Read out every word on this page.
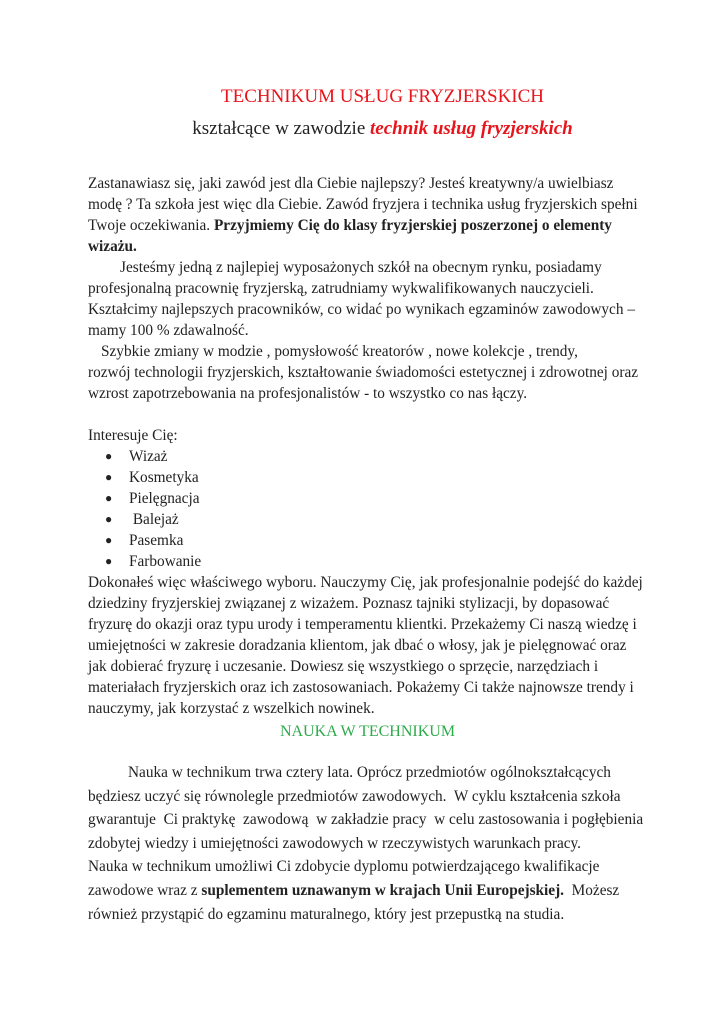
TECHNIKUM USŁUG FRYZJERSKICH
kształcące w zawodzie technik usług fryzjerskich
Zastanawiasz się, jaki zawód jest dla Ciebie najlepszy? Jesteś kreatywny/a uwielbiasz
modę ? Ta szkoła jest więc dla Ciebie. Zawód fryzjera i technika usług fryzjerskich spełni
Twoje oczekiwania. Przyjmiemy Cię do klasy fryzjerskiej poszerzonej o elementy
wizażu.
Jesteśmy jedną z najlepiej wyposażonych szkół na obecnym rynku, posiadamy
profesjonalną pracownię fryzjerską, zatrudniamy wykwalifikowanych nauczycieli.
Kształcimy najlepszych pracowników, co widać po wynikach egzaminów zawodowych –
mamy 100 % zdawalność.
Szybkie zmiany w modzie , pomysłowość kreatorów , nowe kolekcje , trendy,
rozwój technologii fryzjerskich, kształtowanie świadomości estetycznej i zdrowotnej oraz
wzrost zapotrzebowania na profesjonalistów - to wszystko co nas łączy.
Interesuje Cię:
● Wizaż
● Kosmetyka
● Pielęgnacja
● Balejaż
● Pasemka
● Farbowanie
Dokonałeś więc właściwego wyboru. Nauczymy Cię, jak profesjonalnie podejść do każdej
dziedziny fryzjerskiej związanej z wizażem. Poznasz tajniki stylizacji, by dopasować
fryzurę do okazji oraz typu urody i temperamentu klientki. Przekażemy Ci naszą wiedzę i
umiejętności w zakresie doradzania klientom, jak dbać o włosy, jak je pielęgnować oraz
jak dobierać fryzurę i uczesanie. Dowiesz się wszystkiego o sprzęcie, narzędziach i
materiałach fryzjerskich oraz ich zastosowaniach. Pokażemy Ci także najnowsze trendy i
nauczymy, jak korzystać z wszelkich nowinek.
NAUKA W TECHNIKUM
Nauka w technikum trwa cztery lata. Oprócz przedmiotów ogólnokształcących
będziesz uczyć się równolegle przedmiotów zawodowych.  W cyklu kształcenia szkoła
gwarantuje  Ci praktykę  zawodową  w zakładzie pracy  w celu zastosowania i pogłębienia
zdobytej wiedzy i umiejętności zawodowych w rzeczywistych warunkach pracy.
Nauka w technikum umożliwi Ci zdobycie dyplomu potwierdzającego kwalifikacje
zawodowe wraz z suplementem uznawanym w krajach Unii Europejskiej.  Możesz
również przystąpić do egzaminu maturalnego, który jest przepustką na studia.
